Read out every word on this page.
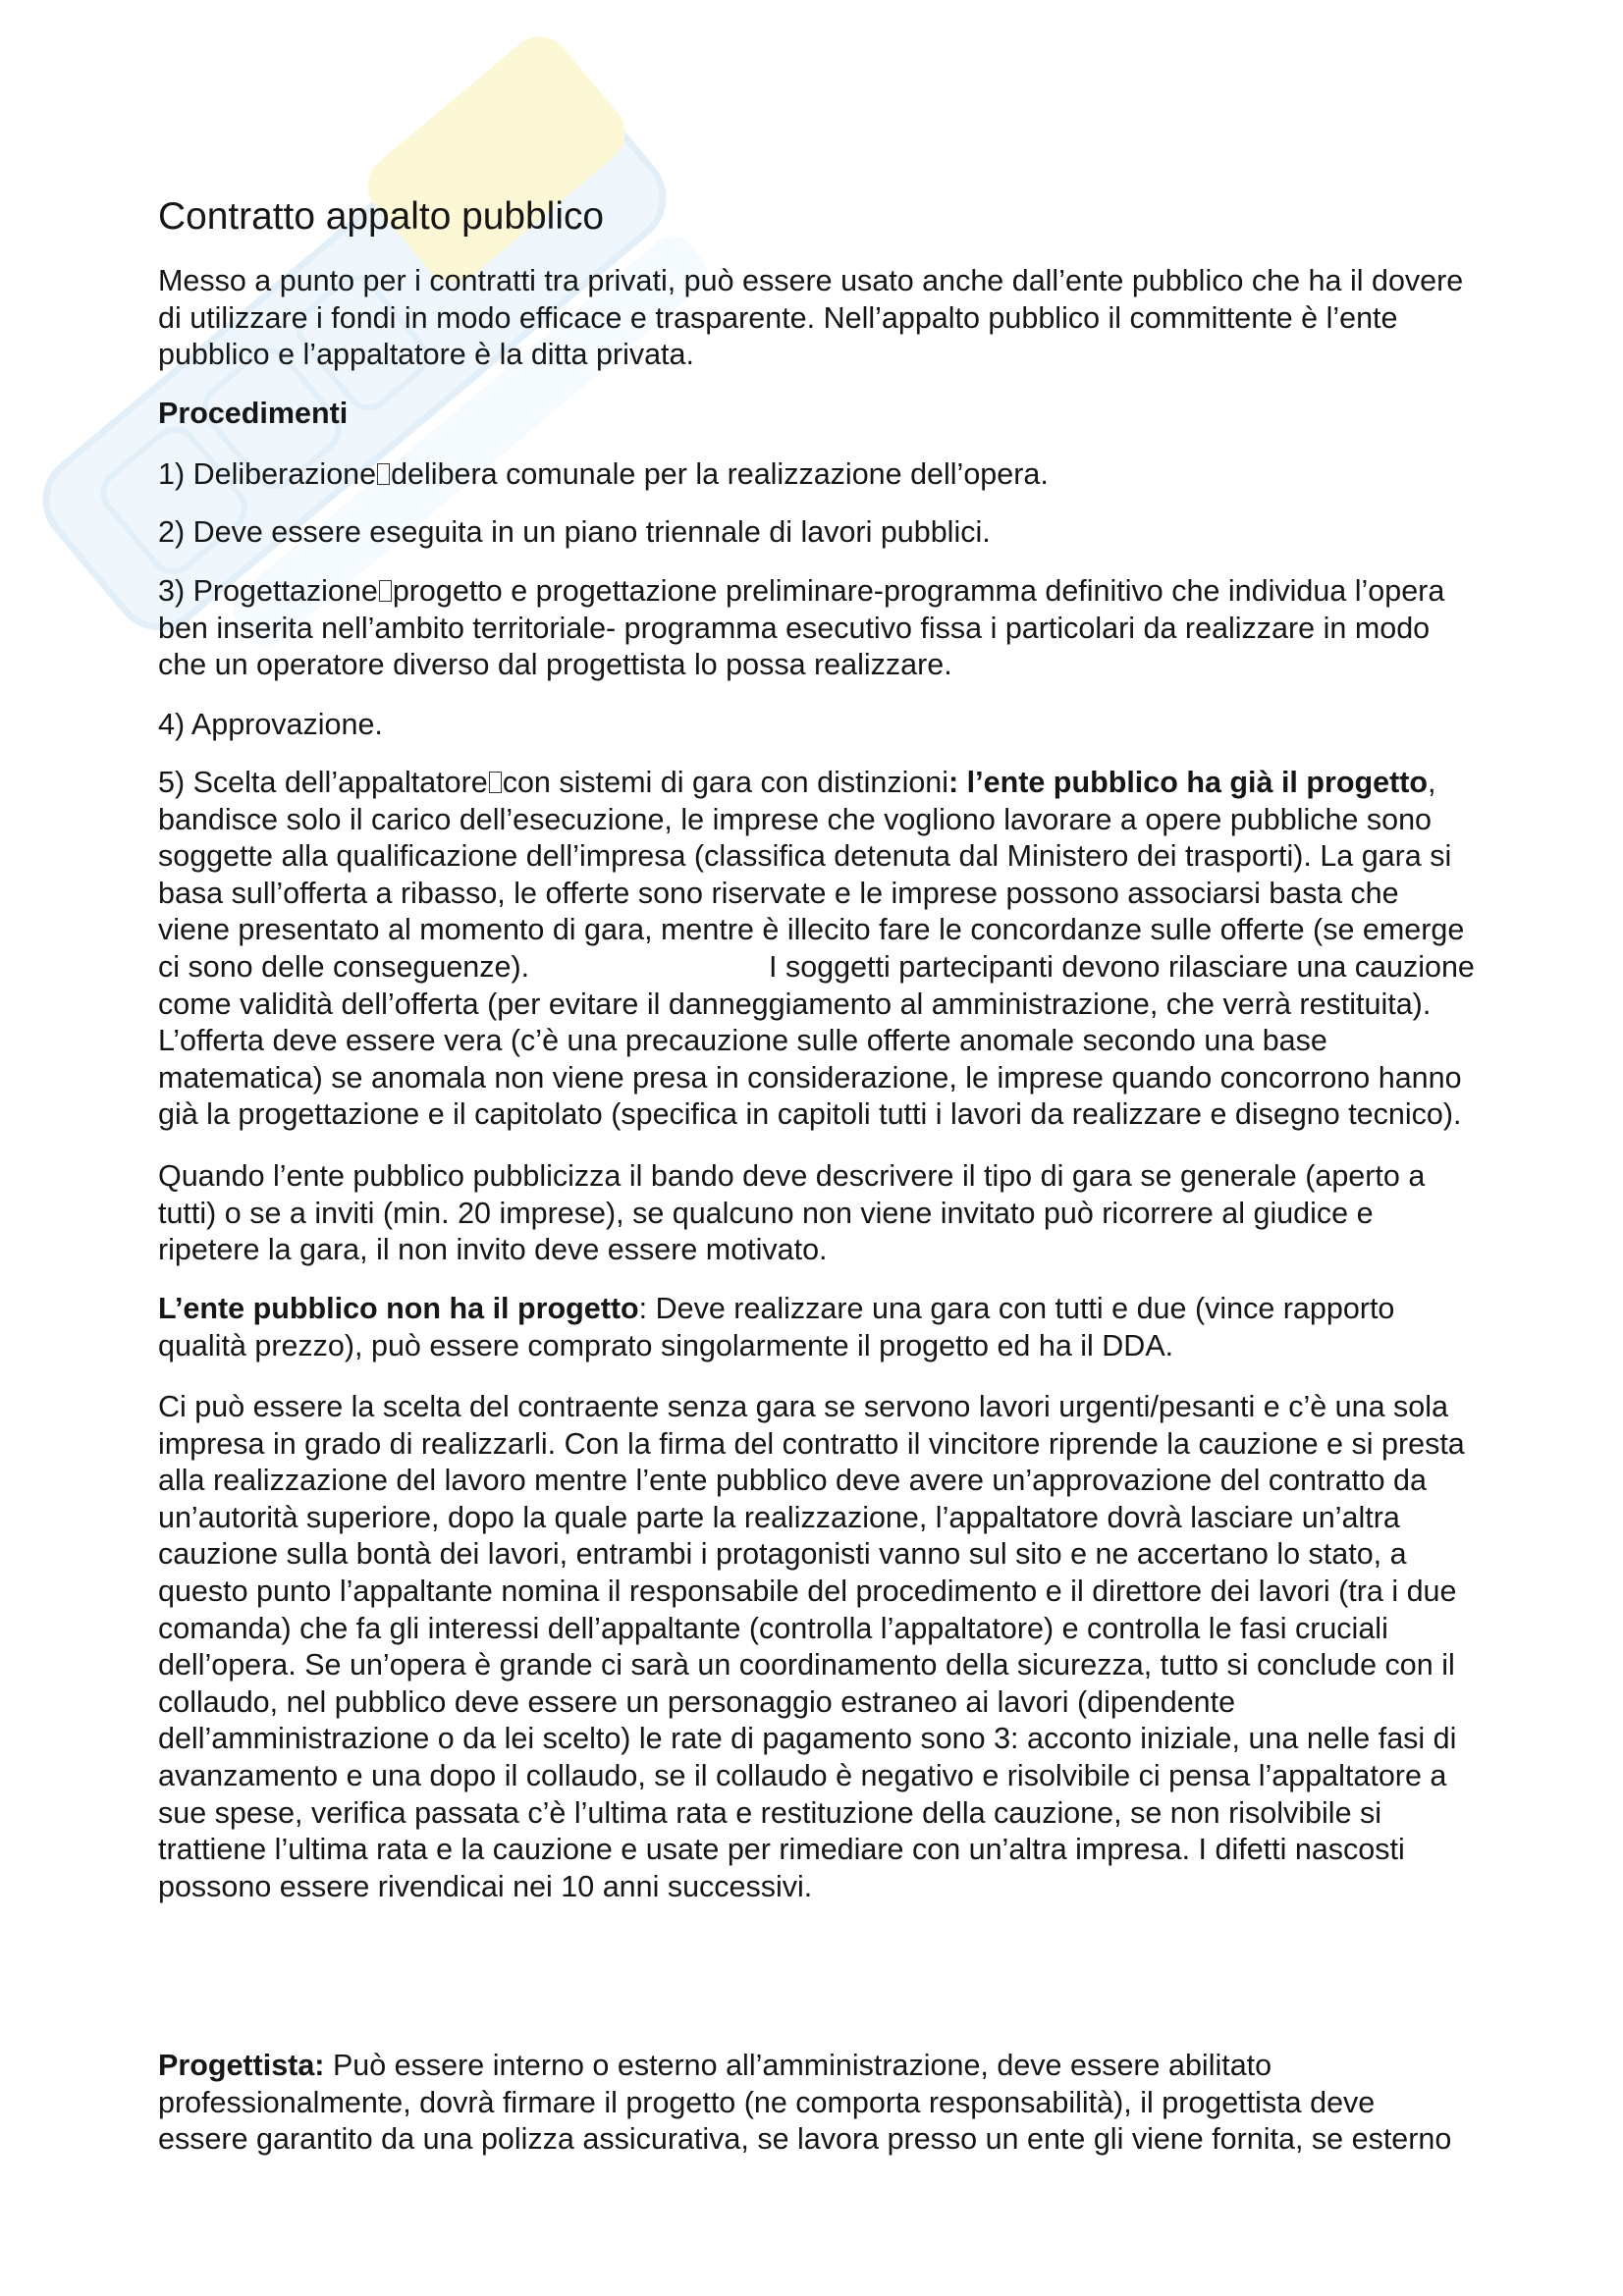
Contratto appalto pubblico
Messo a punto per i contratti tra privati, può essere usato anche dall’ente pubblico che ha il dovere
di utilizzare i fondi in modo efficace e trasparente. Nell’appalto pubblico il committente è l’ente
pubblico e l’appaltatore è la ditta privata.
Procedimenti
1) Deliberazione delibera comunale per la realizzazione dell’opera.
2) Deve essere eseguita in un piano triennale di lavori pubblici.
3) Progettazione progetto e progettazione preliminare-programma definitivo che individua l’opera
ben inserita nell’ambito territoriale- programma esecutivo fissa i particolari da realizzare in modo
che un operatore diverso dal progettista lo possa realizzare.
4) Approvazione.
5) Scelta dell’appaltatore con sistemi di gara con distinzioni: l’ente pubblico ha già il progetto,
bandisce solo il carico dell’esecuzione, le imprese che vogliono lavorare a opere pubbliche sono
soggette alla qualificazione dell’impresa (classifica detenuta dal Ministero dei trasporti). La gara si
basa sull’offerta a ribasso, le offerte sono riservate e le imprese possono associarsi basta che
viene presentato al momento di gara, mentre è illecito fare le concordanze sulle offerte (se emerge
ci sono delle conseguenze).	I soggetti partecipanti devono rilasciare una cauzione
come validità dell’offerta (per evitare il danneggiamento al amministrazione, che verrà restituita).
L’offerta deve essere vera (c’è una precauzione sulle offerte anomale secondo una base
matematica) se anomala non viene presa in considerazione, le imprese quando concorrono hanno
già la progettazione e il capitolato (specifica in capitoli tutti i lavori da realizzare e disegno tecnico).
Quando l’ente pubblico pubblicizza il bando deve descrivere il tipo di gara se generale (aperto a
tutti) o se a inviti (min. 20 imprese), se qualcuno non viene invitato può ricorrere al giudice e
ripetere la gara, il non invito deve essere motivato.
L’ente pubblico non ha il progetto: Deve realizzare una gara con tutti e due (vince rapporto
qualità prezzo), può essere comprato singolarmente il progetto ed ha il DDA.
Ci può essere la scelta del contraente senza gara se servono lavori urgenti/pesanti e c’è una sola
impresa in grado di realizzarli. Con la firma del contratto il vincitore riprende la cauzione e si presta
alla realizzazione del lavoro mentre l’ente pubblico deve avere un’approvazione del contratto da
un’autorità superiore, dopo la quale parte la realizzazione, l’appaltatore dovrà lasciare un’altra
cauzione sulla bontà dei lavori, entrambi i protagonisti vanno sul sito e ne accertano lo stato, a
questo punto l’appaltante nomina il responsabile del procedimento e il direttore dei lavori (tra i due
comanda) che fa gli interessi dell’appaltante (controlla l’appaltatore) e controlla le fasi cruciali
dell’opera. Se un’opera è grande ci sarà un coordinamento della sicurezza, tutto si conclude con il
collaudo, nel pubblico deve essere un personaggio estraneo ai lavori (dipendente
dell’amministrazione o da lei scelto) le rate di pagamento sono 3: acconto iniziale, una nelle fasi di
avanzamento e una dopo il collaudo, se il collaudo è negativo e risolvibile ci pensa l’appaltatore a
sue spese, verifica passata c’è l’ultima rata e restituzione della cauzione, se non risolvibile si
trattiene l’ultima rata e la cauzione e usate per rimediare con un’altra impresa. I difetti nascosti
possono essere rivendicai nei 10 anni successivi.
Progettista: Può essere interno o esterno all’amministrazione, deve essere abilitato
professionalmente, dovrà firmare il progetto (ne comporta responsabilità), il progettista deve
essere garantito da una polizza assicurativa, se lavora presso un ente gli viene fornita, se esterno
